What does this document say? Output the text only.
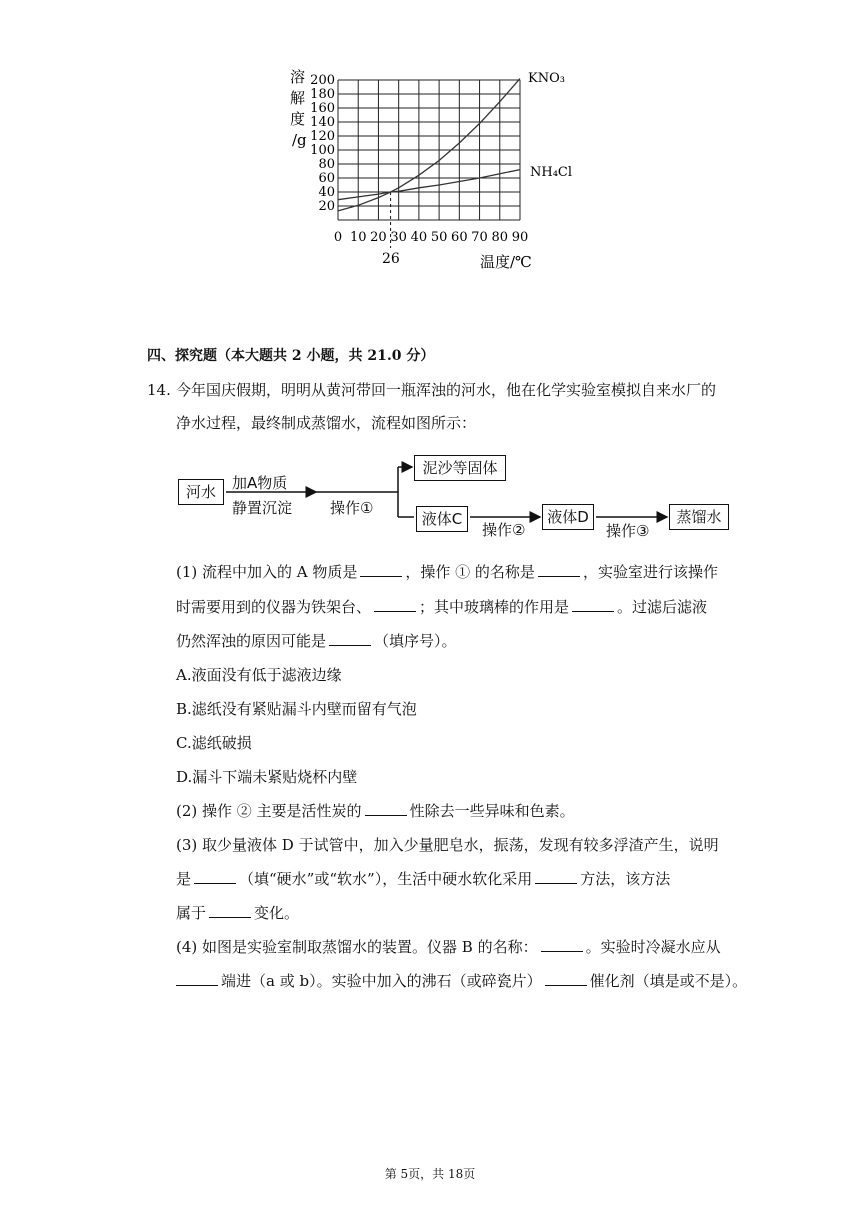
0 10 20 30 40 50 60 70 80 90
20
40
60
80
100
120
140
160
180
200
溶
解
度
/g
温度/℃
26
KNO₃
NH₄Cl
四、探究题（本大题共 2 小题，共 21.0 分）
14. 今年国庆假期，明明从黄河带回一瓶浑浊的河水，他在化学实验室模拟自来水厂的
净水过程，最终制成蒸馏水，流程如图所示：
河水	加A物质
静置沉淀	操作①
泥沙等固体
液体C
操作②
液体D
操作③
蒸馏水
(1) 流程中加入的 A 物质是	，操作 ① 的名称是	，实验室进行该操作
时需要用到的仪器为铁架台、	；其中玻璃棒的作用是	。过滤后滤液
仍然浑浊的原因可能是	（填序号）。
A.液面没有低于滤液边缘
B.滤纸没有紧贴漏斗内壁而留有气泡
C.滤纸破损
D.漏斗下端未紧贴烧杯内壁
(2) 操作 ② 主要是活性炭的	性除去一些异味和色素。
(3) 取少量液体 D 于试管中，加入少量肥皂水，振荡，发现有较多浮渣产生，说明
是	（填“硬水”或“软水”），生活中硬水软化采用	方法，该方法
属于	变化。
(4) 如图是实验室制取蒸馏水的装置。仪器 B 的名称：	。实验时冷凝水应从
端进（a 或 b）。实验中加入的沸石（或碎瓷片）	催化剂（填是或不是）。
第 5页，共 18页
